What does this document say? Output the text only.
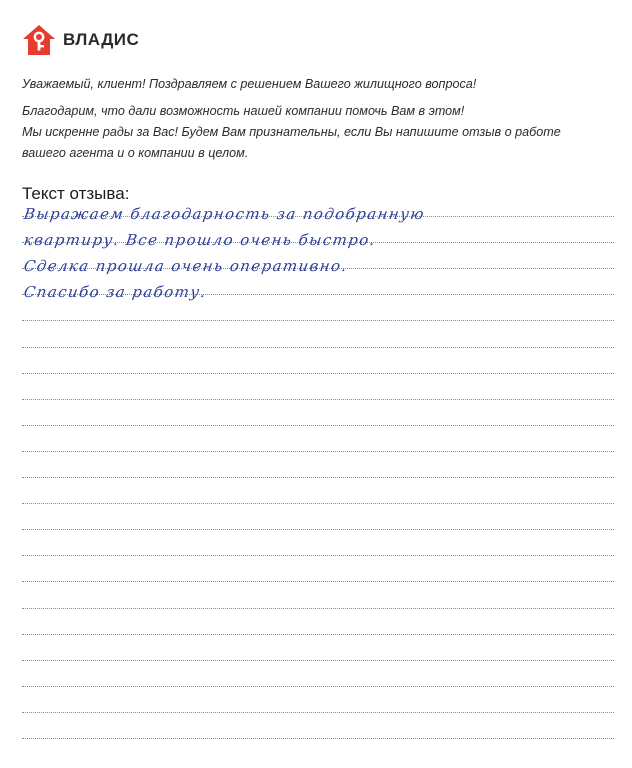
ВЛАДИС

Уважаемый, клиент! Поздравляем с решением Вашего жилищного вопроса!

Благодарим, что дали возможность нашей компании помочь Вам в этом!

Мы искренне рады за Вас! Будем Вам признательны, если Вы напишите отзыв о работе

вашего агента и о компании в целом.

Текст отзыва:
Выражаем благодарность за подобранную
квартиру. Все прошло очень быстро.
Сделка прошла очень оперативно.
Спасибо за работу.
